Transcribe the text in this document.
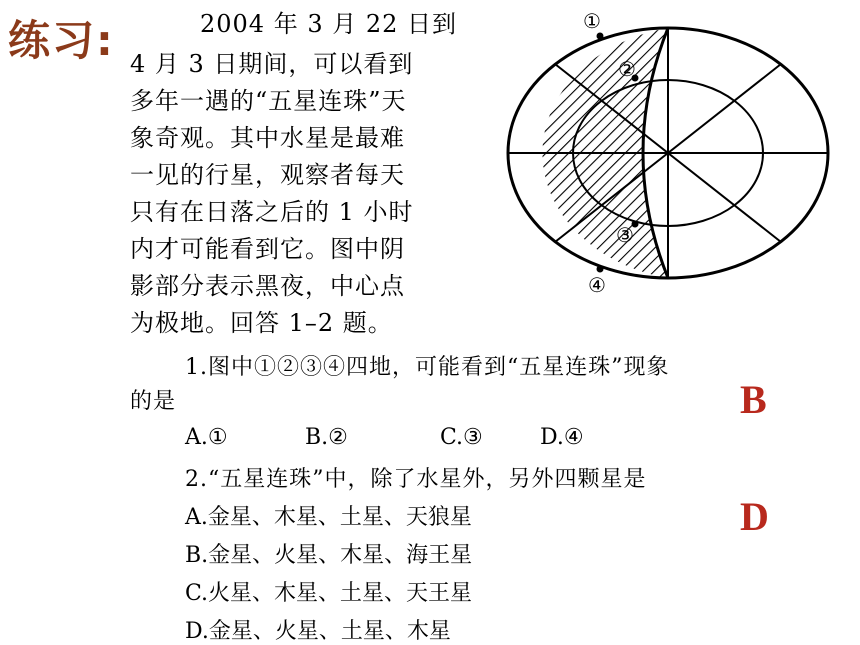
练习:	2004 年 3 月 22 日到
4 月 3 日期间，可以看到
多年一遇的“五星连珠”天
象奇观。其中水星是最难
一见的行星，观察者每天
只有在日落之后的 1 小时
内才可能看到它。图中阴
影部分表示黑夜，中心点
为极地。回答 1–2 题。
①
②
③
④
1.图中①②③④四地，可能看到“五星连珠”现象
的是	B
A.①	B.②	C.③	D.④
2.“五星连珠”中，除了水星外，另外四颗星是
D
A.金星、木星、土星、天狼星
B.金星、火星、木星、海王星
C.火星、木星、土星、天王星
D.金星、火星、土星、木星
